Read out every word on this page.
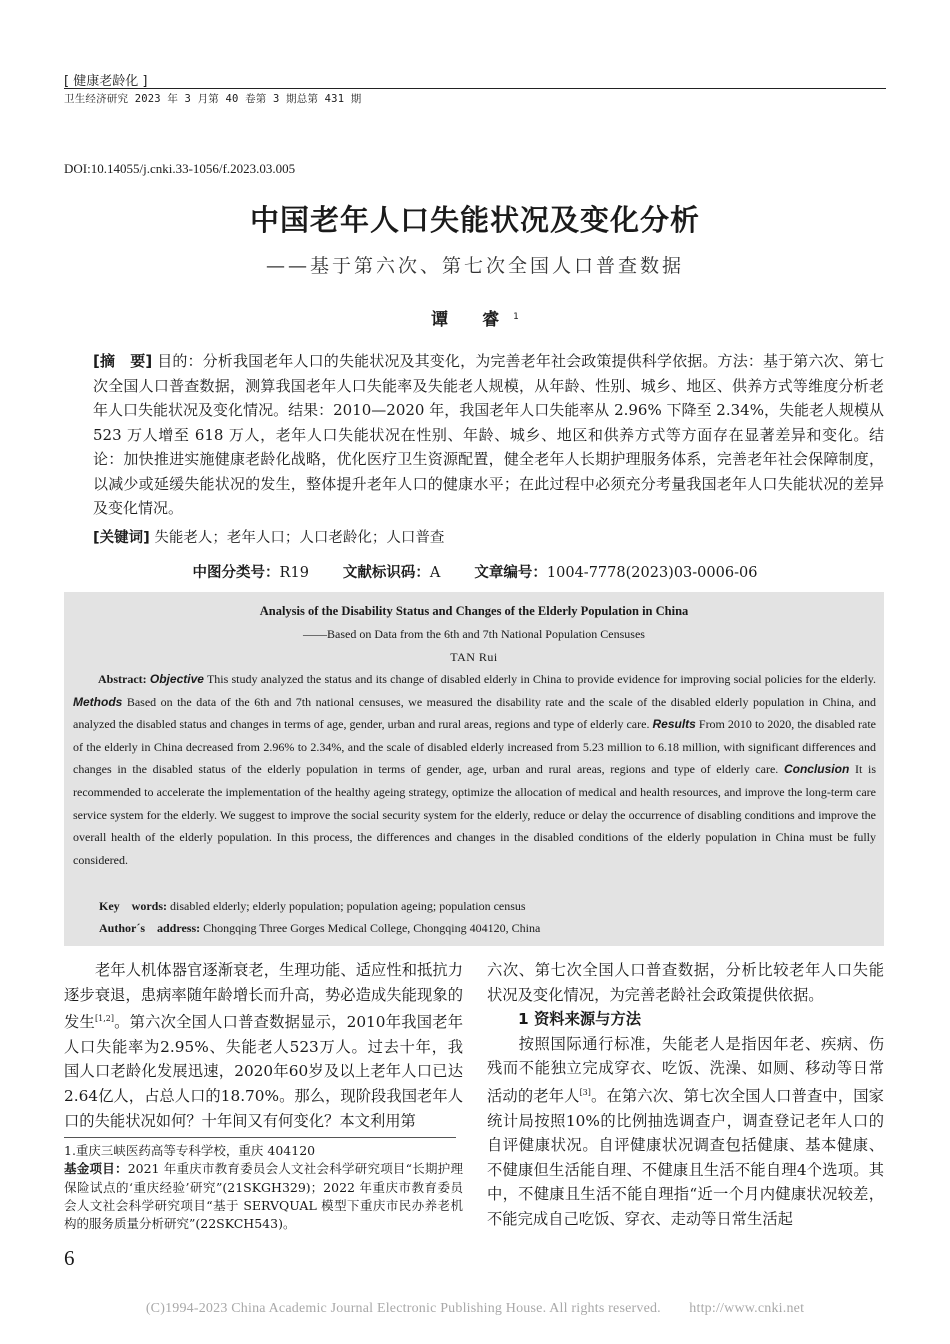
[ 健康老龄化 ]
卫生经济研究 2023 年 3 月第 40 卷第 3 期总第 431 期
DOI:10.14055/j.cnki.33-1056/f.2023.03.005
中国老年人口失能状况及变化分析
——基于第六次、第七次全国人口普查数据
谭 睿$^1$

[摘　要] 目的：分析我国老年人口的失能状况及其变化，为完善老年社会政策提供科学依据。方法：基于第六次、第七次全国人口普查数据，测算我国老年人口失能率及失能老人规模，从年龄、性别、城乡、地区、供养方式等维度分析老年人口失能状况及变化情况。结果：2010—2020 年，我国老年人口失能率从 2.96% 下降至 2.34%，失能老人规模从 523 万人增至 618 万人，老年人口失能状况在性别、年龄、城乡、地区和供养方式等方面存在显著差异和变化。结论：加快推进实施健康老龄化战略，优化医疗卫生资源配置，健全老年人长期护理服务体系，完善老年社会保障制度，以减少或延缓失能状况的发生，整体提升老年人口的健康水平；在此过程中必须充分考量我国老年人口失能状况的差异及变化情况。

[关键词] 失能老人；老年人口；人口老龄化；人口普查
中图分类号：R19 文献标识码：A 文章编号：1004-7778(2023)03-0006-06
Analysis of the Disability Status and Changes of the Elderly Population in China
——Based on Data from the 6th and 7th National Population Censuses
TAN Rui

Abstract: Objective This study analyzed the status and its change of disabled elderly in China to provide evidence for improving social policies for the elderly. Methods Based on the data of the 6th and 7th national censuses, we measured the disability rate and the scale of the disabled elderly population in China, and analyzed the disabled status and changes in terms of age, gender, urban and rural areas, regions and type of elderly care. Results From 2010 to 2020, the disabled rate of the elderly in China decreased from 2.96% to 2.34%, and the scale of disabled elderly increased from 5.23 million to 6.18 million, with significant differences and changes in the disabled status of the elderly population in terms of gender, age, urban and rural areas, regions and type of elderly care. Conclusion It is recommended to accelerate the implementation of the healthy ageing strategy, optimize the allocation of medical and health resources, and improve the long-term care service system for the elderly. We suggest to improve the social security system for the elderly, reduce or delay the occurrence of disabling conditions and improve the overall health of the elderly population. In this process, the differences and changes in the disabled conditions of the elderly population in China must be fully considered.

Key　words: disabled elderly; elderly population; population ageing; population census
Author´s　address: Chongqing Three Gorges Medical College, Chongqing 404120, China

老年人机体器官逐渐衰老，生理功能、适应性和抵抗力逐步衰退，患病率随年龄增长而升高，势必造成失能现象的发生[1,2]。第六次全国人口普查数据显示，2010年我国老年人口失能率为2.95%、失能老人523万人。过去十年，我国人口老龄化发展迅速，2020年60岁及以上老年人口已达2.64亿人，占总人口的18.70%。那么，现阶段我国老年人口的失能状况如何？十年间又有何变化？本文利用第

六次、第七次全国人口普查数据，分析比较老年人口失能状况及变化情况，为完善老龄社会政策提供依据。

1 资料来源与方法

按照国际通行标准，失能老人是指因年老、疾病、伤残而不能独立完成穿衣、吃饭、洗澡、如厕、移动等日常活动的老年人[3]。在第六次、第七次全国人口普查中，国家统计局按照10%的比例抽选调查户，调查登记老年人口的自评健康状况。自评健康状况调查包括健康、基本健康、不健康但生活能自理、不健康且生活不能自理4个选项。其中，不健康且生活不能自理指“近一个月内健康状况较差，不能完成自己吃饭、穿衣、走动等日常生活起

1.重庆三峡医药高等专科学校，重庆 404120
基金项目：2021 年重庆市教育委员会人文社会科学研究项目“长期护理保险试点的‘重庆经验’研究”(21SKGH329)；2022 年重庆市教育委员会人文社会科学研究项目“基于 SERVQUAL 模型下重庆市民办养老机构的服务质量分析研究”(22SKCH543)。
6
(C)1994-2023 China Academic Journal Electronic Publishing House. All rights reserved.　　http://www.cnki.net
